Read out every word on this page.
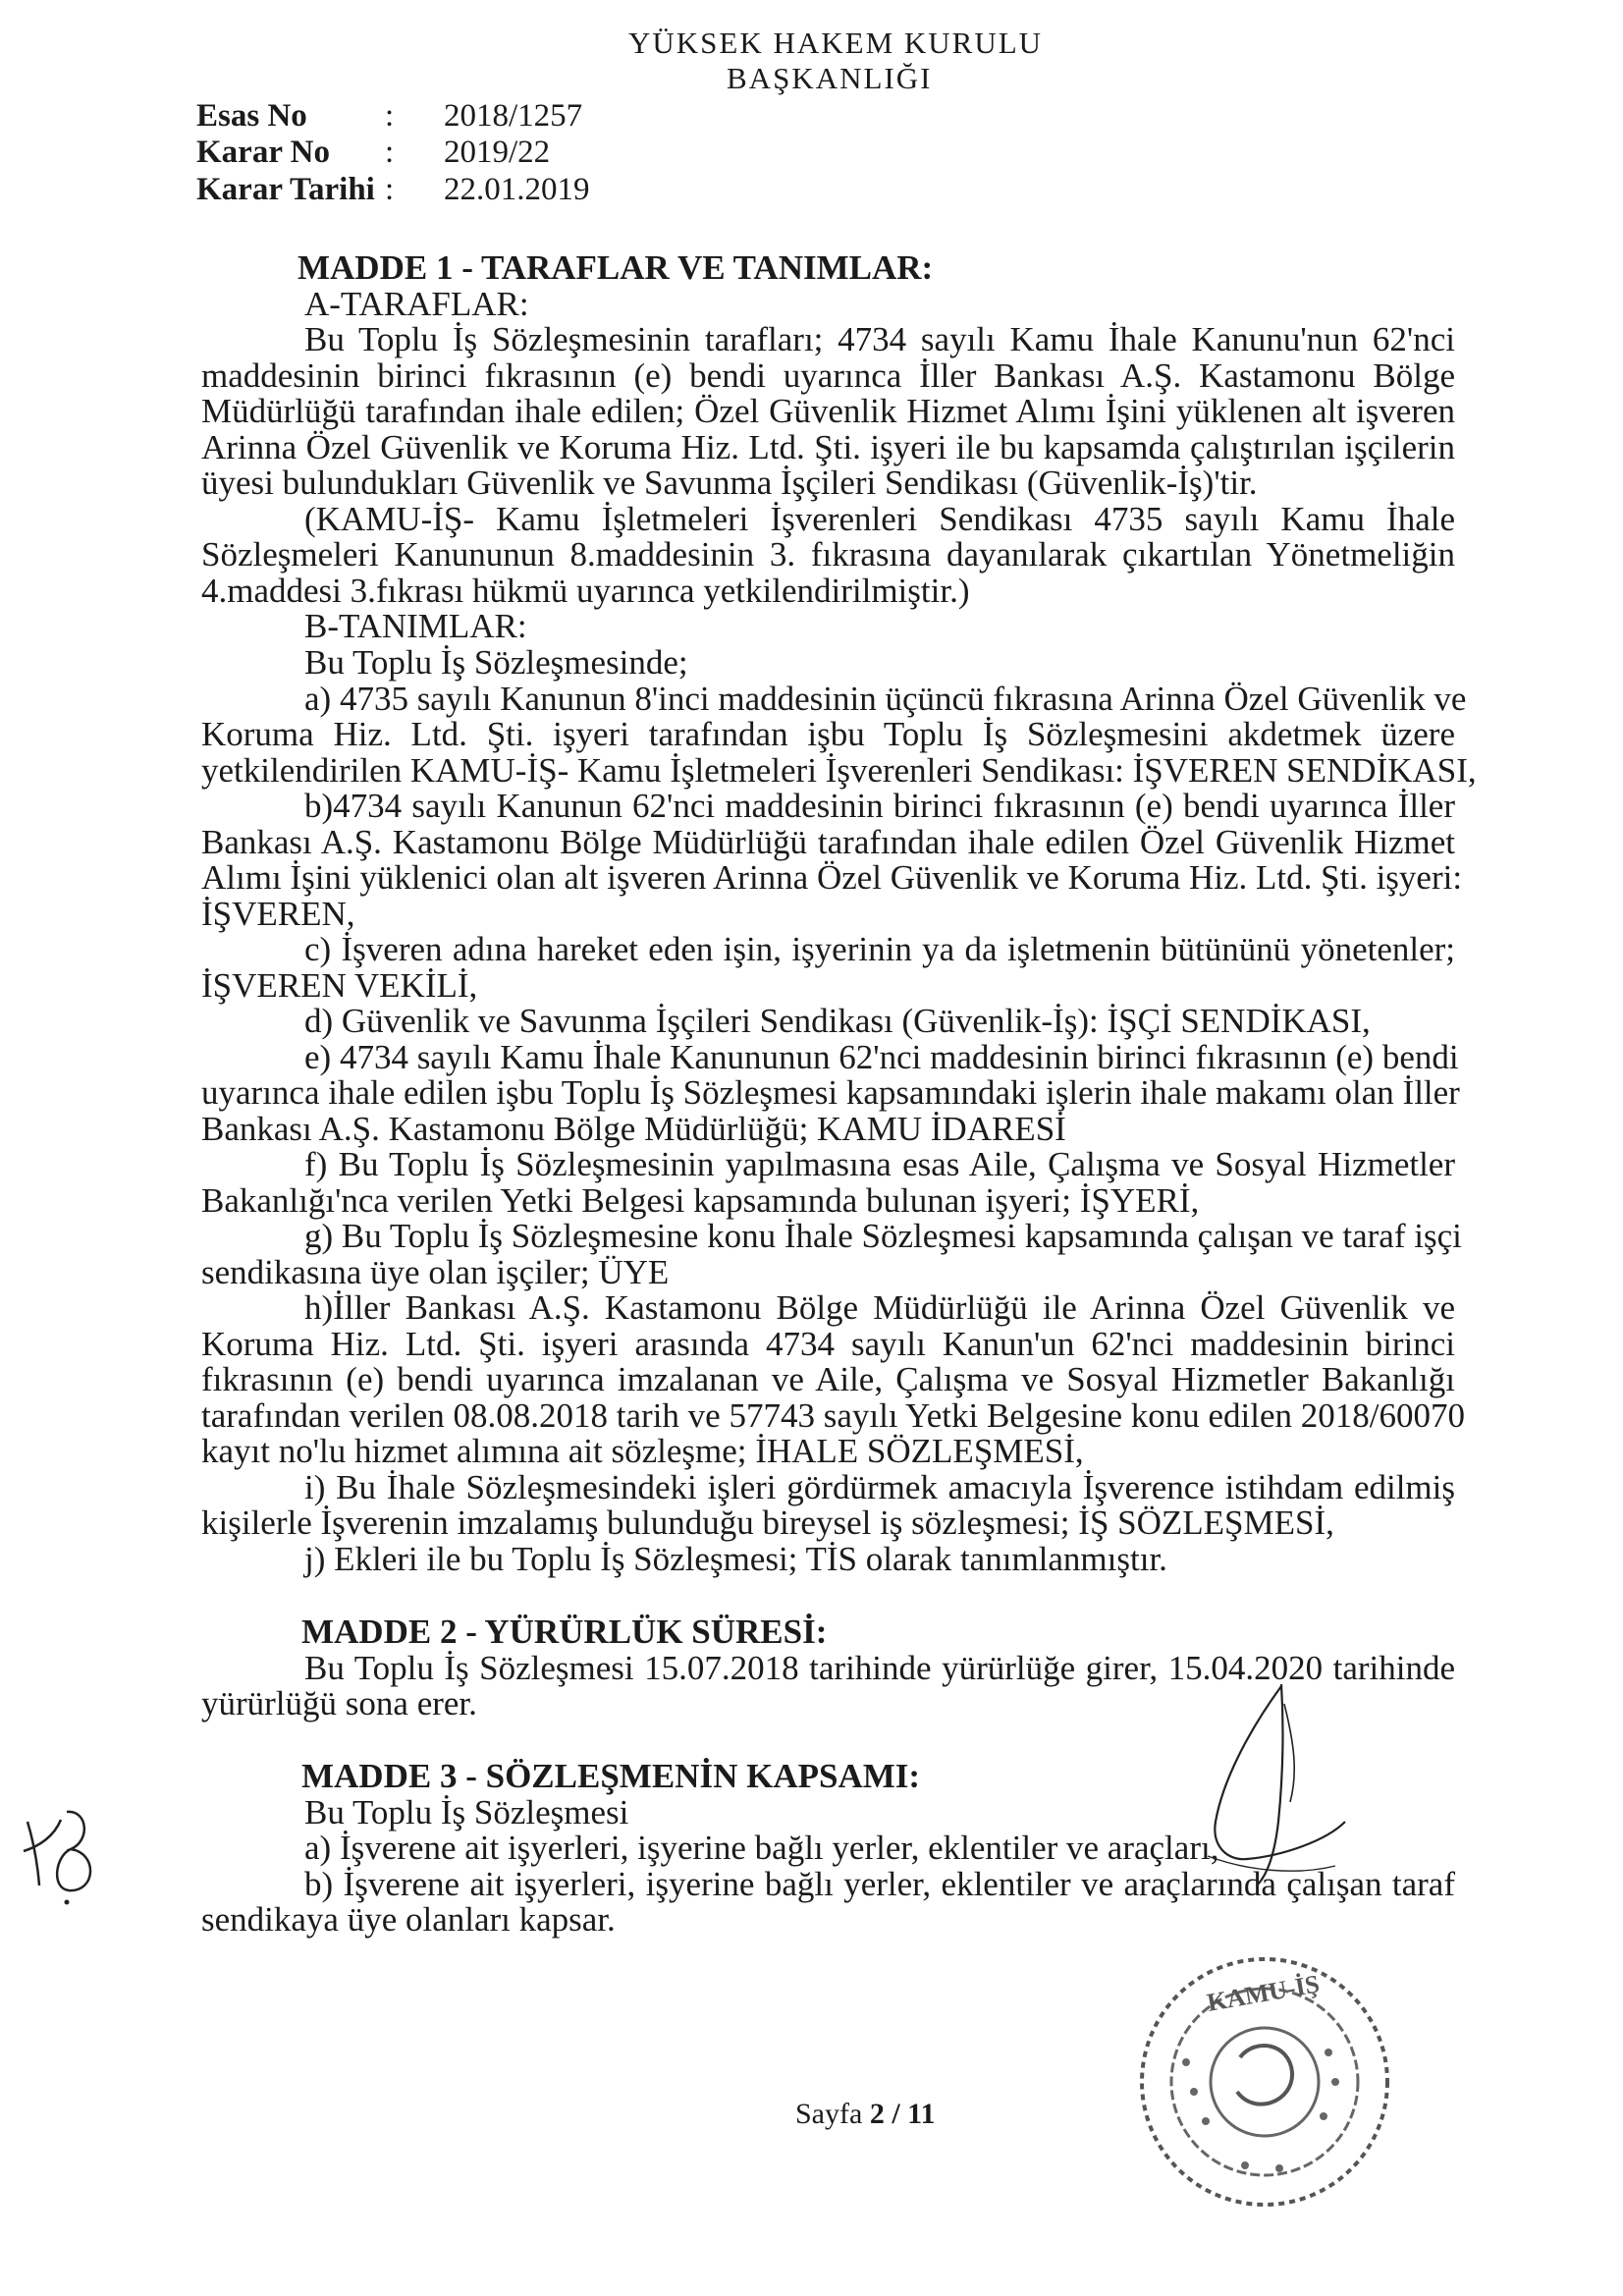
YÜKSEK HAKEM KURULU
BAŞKANLIĞI
Esas No : 2018/1257
Karar No : 2019/22
Karar Tarihi : 22.01.2019
MADDE 1 - TARAFLAR VE TANIMLAR:
A-TARAFLAR:
Bu Toplu İş Sözleşmesinin tarafları; 4734 sayılı Kamu İhale Kanunu'nun 62'nci
maddesinin birinci fıkrasının (e) bendi uyarınca İller Bankası A.Ş. Kastamonu Bölge
Müdürlüğü tarafından ihale edilen; Özel Güvenlik Hizmet Alımı İşini yüklenen alt işveren
Arinna Özel Güvenlik ve Koruma Hiz. Ltd. Şti. işyeri ile bu kapsamda çalıştırılan işçilerin
üyesi bulundukları Güvenlik ve Savunma İşçileri Sendikası (Güvenlik-İş)'tir.
(KAMU-İŞ- Kamu İşletmeleri İşverenleri Sendikası 4735 sayılı Kamu İhale
Sözleşmeleri Kanununun 8.maddesinin 3. fıkrasına dayanılarak çıkartılan Yönetmeliğin
4.maddesi 3.fıkrası hükmü uyarınca yetkilendirilmiştir.)
B-TANIMLAR:
Bu Toplu İş Sözleşmesinde;
a) 4735 sayılı Kanunun 8'inci maddesinin üçüncü fıkrasına Arinna Özel Güvenlik ve
Koruma Hiz. Ltd. Şti. işyeri tarafından işbu Toplu İş Sözleşmesini akdetmek üzere
yetkilendirilen KAMU-İŞ- Kamu İşletmeleri İşverenleri Sendikası: İŞVEREN SENDİKASI,
b)4734 sayılı Kanunun 62'nci maddesinin birinci fıkrasının (e) bendi uyarınca İller
Bankası A.Ş. Kastamonu Bölge Müdürlüğü tarafından ihale edilen Özel Güvenlik Hizmet
Alımı İşini yüklenici olan alt işveren Arinna Özel Güvenlik ve Koruma Hiz. Ltd. Şti. işyeri:
İŞVEREN,
c) İşveren adına hareket eden işin, işyerinin ya da işletmenin bütününü yönetenler;
İŞVEREN VEKİLİ,
d) Güvenlik ve Savunma İşçileri Sendikası (Güvenlik-İş): İŞÇİ SENDİKASI,
e) 4734 sayılı Kamu İhale Kanununun 62'nci maddesinin birinci fıkrasının (e) bendi
uyarınca ihale edilen işbu Toplu İş Sözleşmesi kapsamındaki işlerin ihale makamı olan İller
Bankası A.Ş. Kastamonu Bölge Müdürlüğü; KAMU İDARESİ
f) Bu Toplu İş Sözleşmesinin yapılmasına esas Aile, Çalışma ve Sosyal Hizmetler
Bakanlığı'nca verilen Yetki Belgesi kapsamında bulunan işyeri; İŞYERİ,
g) Bu Toplu İş Sözleşmesine konu İhale Sözleşmesi kapsamında çalışan ve taraf işçi
sendikasına üye olan işçiler; ÜYE
h)İller Bankası A.Ş. Kastamonu Bölge Müdürlüğü ile Arinna Özel Güvenlik ve
Koruma Hiz. Ltd. Şti. işyeri arasında 4734 sayılı Kanun'un 62'nci maddesinin birinci
fıkrasının (e) bendi uyarınca imzalanan ve Aile, Çalışma ve Sosyal Hizmetler Bakanlığı
tarafından verilen 08.08.2018 tarih ve 57743 sayılı Yetki Belgesine konu edilen 2018/60070
kayıt no'lu hizmet alımına ait sözleşme; İHALE SÖZLEŞMESİ,
i) Bu İhale Sözleşmesindeki işleri gördürmek amacıyla İşverence istihdam edilmiş
kişilerle İşverenin imzalamış bulunduğu bireysel iş sözleşmesi; İŞ SÖZLEŞMESİ,
j) Ekleri ile bu Toplu İş Sözleşmesi; TİS olarak tanımlanmıştır.
MADDE 2 - YÜRÜRLÜK SÜRESİ:
Bu Toplu İş Sözleşmesi 15.07.2018 tarihinde yürürlüğe girer, 15.04.2020 tarihinde
yürürlüğü sona erer.
MADDE 3 - SÖZLEŞMENİN KAPSAMI:
Bu Toplu İş Sözleşmesi
a) İşverene ait işyerleri, işyerine bağlı yerler, eklentiler ve araçları,
b) İşverene ait işyerleri, işyerine bağlı yerler, eklentiler ve araçlarında çalışan taraf
sendikaya üye olanları kapsar.
Sayfa 2 / 11
KAMU-İŞ
